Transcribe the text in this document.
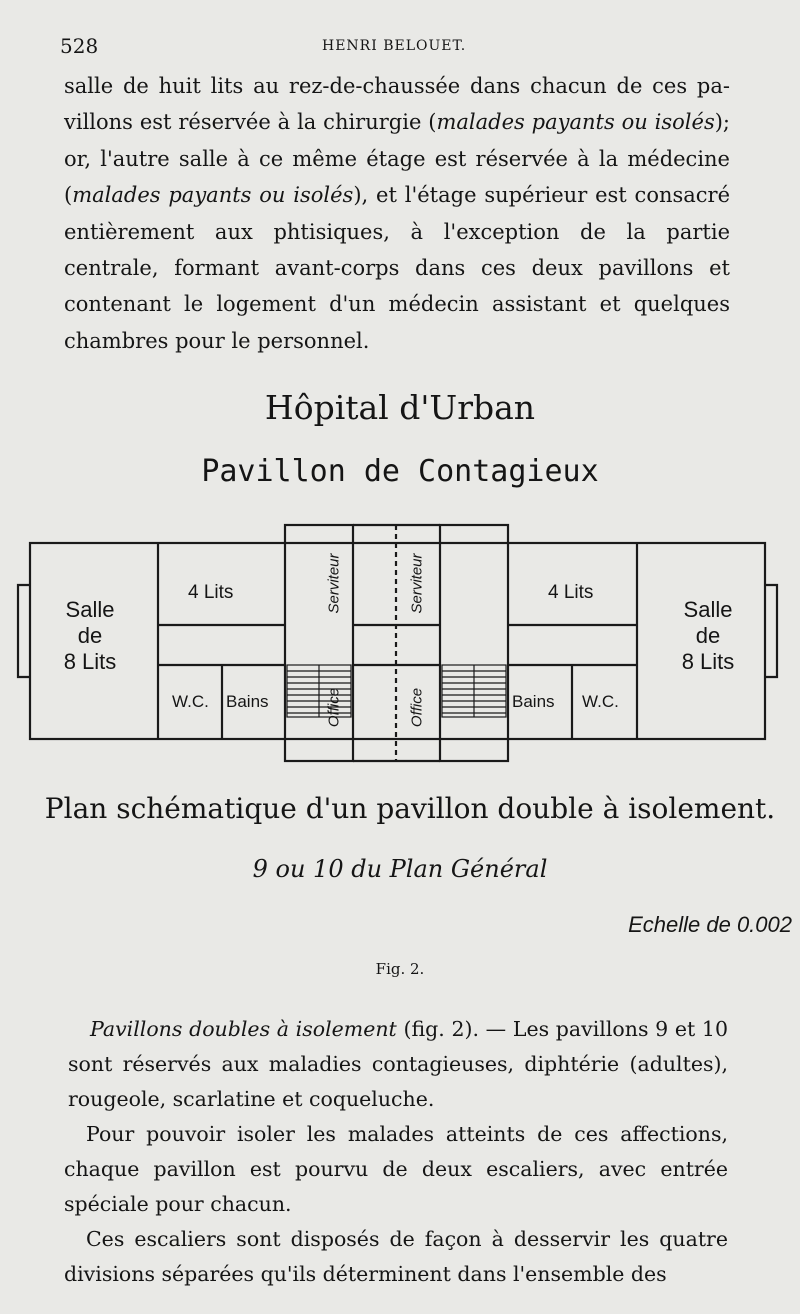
528	HENRI BELOUET.

salle de huit lits au rez-de-chaussée dans chacun de ces pa-villons est réservée à la chirurgie (malades payants ou isolés); or, l'autre salle à ce même étage est réservée à la médecine (malades payants ou isolés), et l'étage supérieur est consacré entièrement aux phtisiques, à l'exception de la partie centrale, formant avant-corps dans ces deux pavillons et contenant le logement d'un médecin assistant et quelques chambres pour le personnel.

Hôpital d'Urban
Pavillon de Contagieux
Salle
de
8 Lits
Salle
de
8 Lits
4 Lits	4 Lits
W.C. Bains	Bains W.C.
Serviteur	Serviteur
Office	Office
Plan schématique d'un pavillon double à isolement.
9 ou 10 du Plan Général
Echelle de 0.002
Fig. 2.

Pavillons doubles à isolement (fig. 2). — Les pavillons 9 et 10 sont réservés aux maladies contagieuses, diphtérie (adultes), rougeole, scarlatine et coqueluche.

Pour pouvoir isoler les malades atteints de ces affections, chaque pavillon est pourvu de deux escaliers, avec entrée spéciale pour chacun.

Ces escaliers sont disposés de façon à desservir les quatre divisions séparées qu'ils déterminent dans l'ensemble des
